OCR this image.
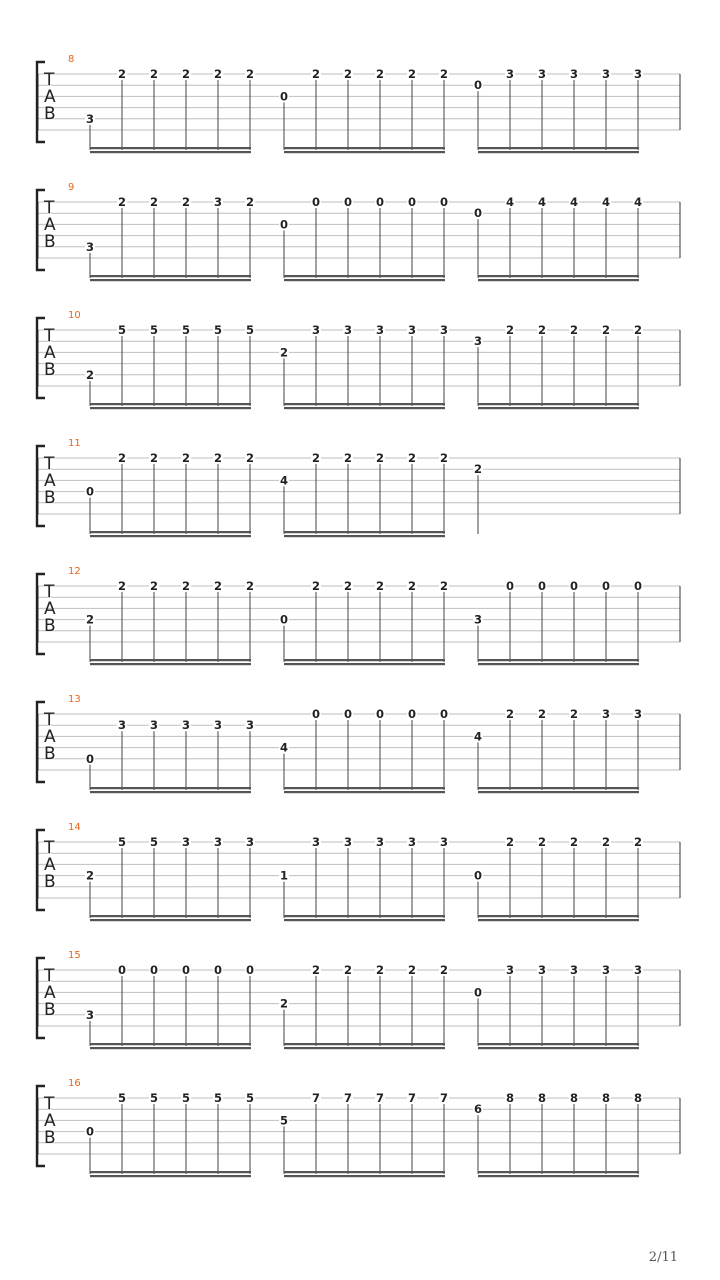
8
T
A
B	3
2 2 2 2 2
0
2 2 2 2 2
0
3 3 3 3 3
9
T
A
B	3
2 2 2 3 2
0
0 0 0 0 0
0
4 4 4 4 4
10
T
A
B	2
5 5 5 5 5
2
3 3 3 3 3
3
2 2 2 2 2
11
T
A
B	0
2 2 2 2 2
4
2 2 2 2 2
2
12
T
A
B	2
2 2 2 2 2
0
2 2 2 2 2
3
0 0 0 0 0
13
T
A
B	0
3 3 3 3 3
4
0 0 0 0 0
4
2 2 2 3 3
14
T
A
B	2
5 5 3 3 3
1
3 3 3 3 3
0
2 2 2 2 2
15
T
A
B	3
0 0 0 0 0
2
2 2 2 2 2
0
3 3 3 3 3
16
T
A
B	0
5 5 5 5 5
5
7 7 7 7 7
6
8 8 8 8 8
2/11
